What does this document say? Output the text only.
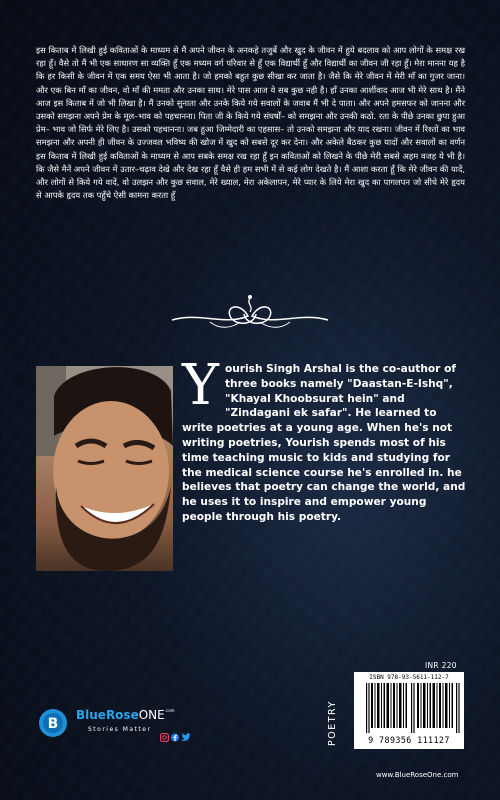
इस किताब में लिखी हुई कविताओं के माध्यम से मैं अपने जीवन के अनकहे तजुर्बे और खुद के जीवन में हुये बदलाव को आप लोगों के समक्ष रख रहा हूँ। वैसे तो मैं भी एक साधारण सा व्यक्ति हूँ एक मध्यम वर्ग परिवार से हूँ एक विद्यार्थी हूँ और विद्यार्थी का जीवन जी रहा हूँ। मेरा मानना यह है कि हर किसी के जीवन में एक समय ऐसा भी आता है। जो हमको बहुत कुछ सीखा कर जाता है। जैसे कि मेरे जीवन में मेरी माँ का गुजर जाना। और एक बिन माँ का जीवन, वो माँ की ममता और उनका साथ। मेरे पास आज ये सब कुछ नही है। हाँ उनका आर्शीवाद आज भी मेरे साथ है। मैंने आज इस किताब में जो भी लिखा है। मैं उनको सुनाता और उनके किये गये सवालों के जवाब मैं भी दे पाता। और अपने हमसफर को जानना और उसको समझना अपने प्रेम के मूल–भाव को पहचानना। पिता जी के किये गये संघर्षों– को समझना और उनकी कठो. रता के पीछे उनका छुपा हुआ प्रेम– भाव जो सिर्फ मेरे लिए है। उसको पहचानना। जब हुआ जिम्मेदारी का एहसास– तो उनको समझना और याद रखना। जीवन में रिश्तों का भाव समझना और अपनी ही जीवन के उज्जवल भविष्य की खोज में खुद को सबसे दूर कर देना। और अकेले बैठकर कुछ यादों और सवालों का वर्णन इस किताब में लिखी हुई कविताओं के माध्यम से आप सबके समक्ष रख रहा हूँ इन कविताओं को लिखने के पीछे मेरी सबसे अहम वजह ये भी है। कि जैसे मैनें अपने जीवन में उतार–चढ़ाव देखे और देख रहा हूँ वैसे ही हम सभी में से कई लोग देखते है। मैं आशा करता हूँ कि मेरे जीवन की यादें, और लोगों से किये गये वादें, वो उलझन और कुछ सवाल, मेरे ख्याल, मेरा अकेलापन, मेरे प्यार के लिये मेरा खुद का पागलपन जो सीधे मेरे हृदय से आपके हृदय तक पहुँचे ऐसी कामना करता हूँ

Y ourish Singh Arshal is the co-author of three books namely "Daastan-E-Ishq", "Khayal Khoobsurat hein" and "Zindagani ek safar". He learned to write poetries at a young age. When he's not writing poetries, Yourish spends most of his time teaching music to kids and studying for the medical science course he's enrolled in. he believes that poetry can change the world, and he uses it to inspire and empower young people through his poetry.
INR 220
POETRY
ISBN 978-93-5611-112-7
9 789356 111127
www.BlueRoseOne.com
B
BlueRoseONE$^{.com}$
Stories Matter
